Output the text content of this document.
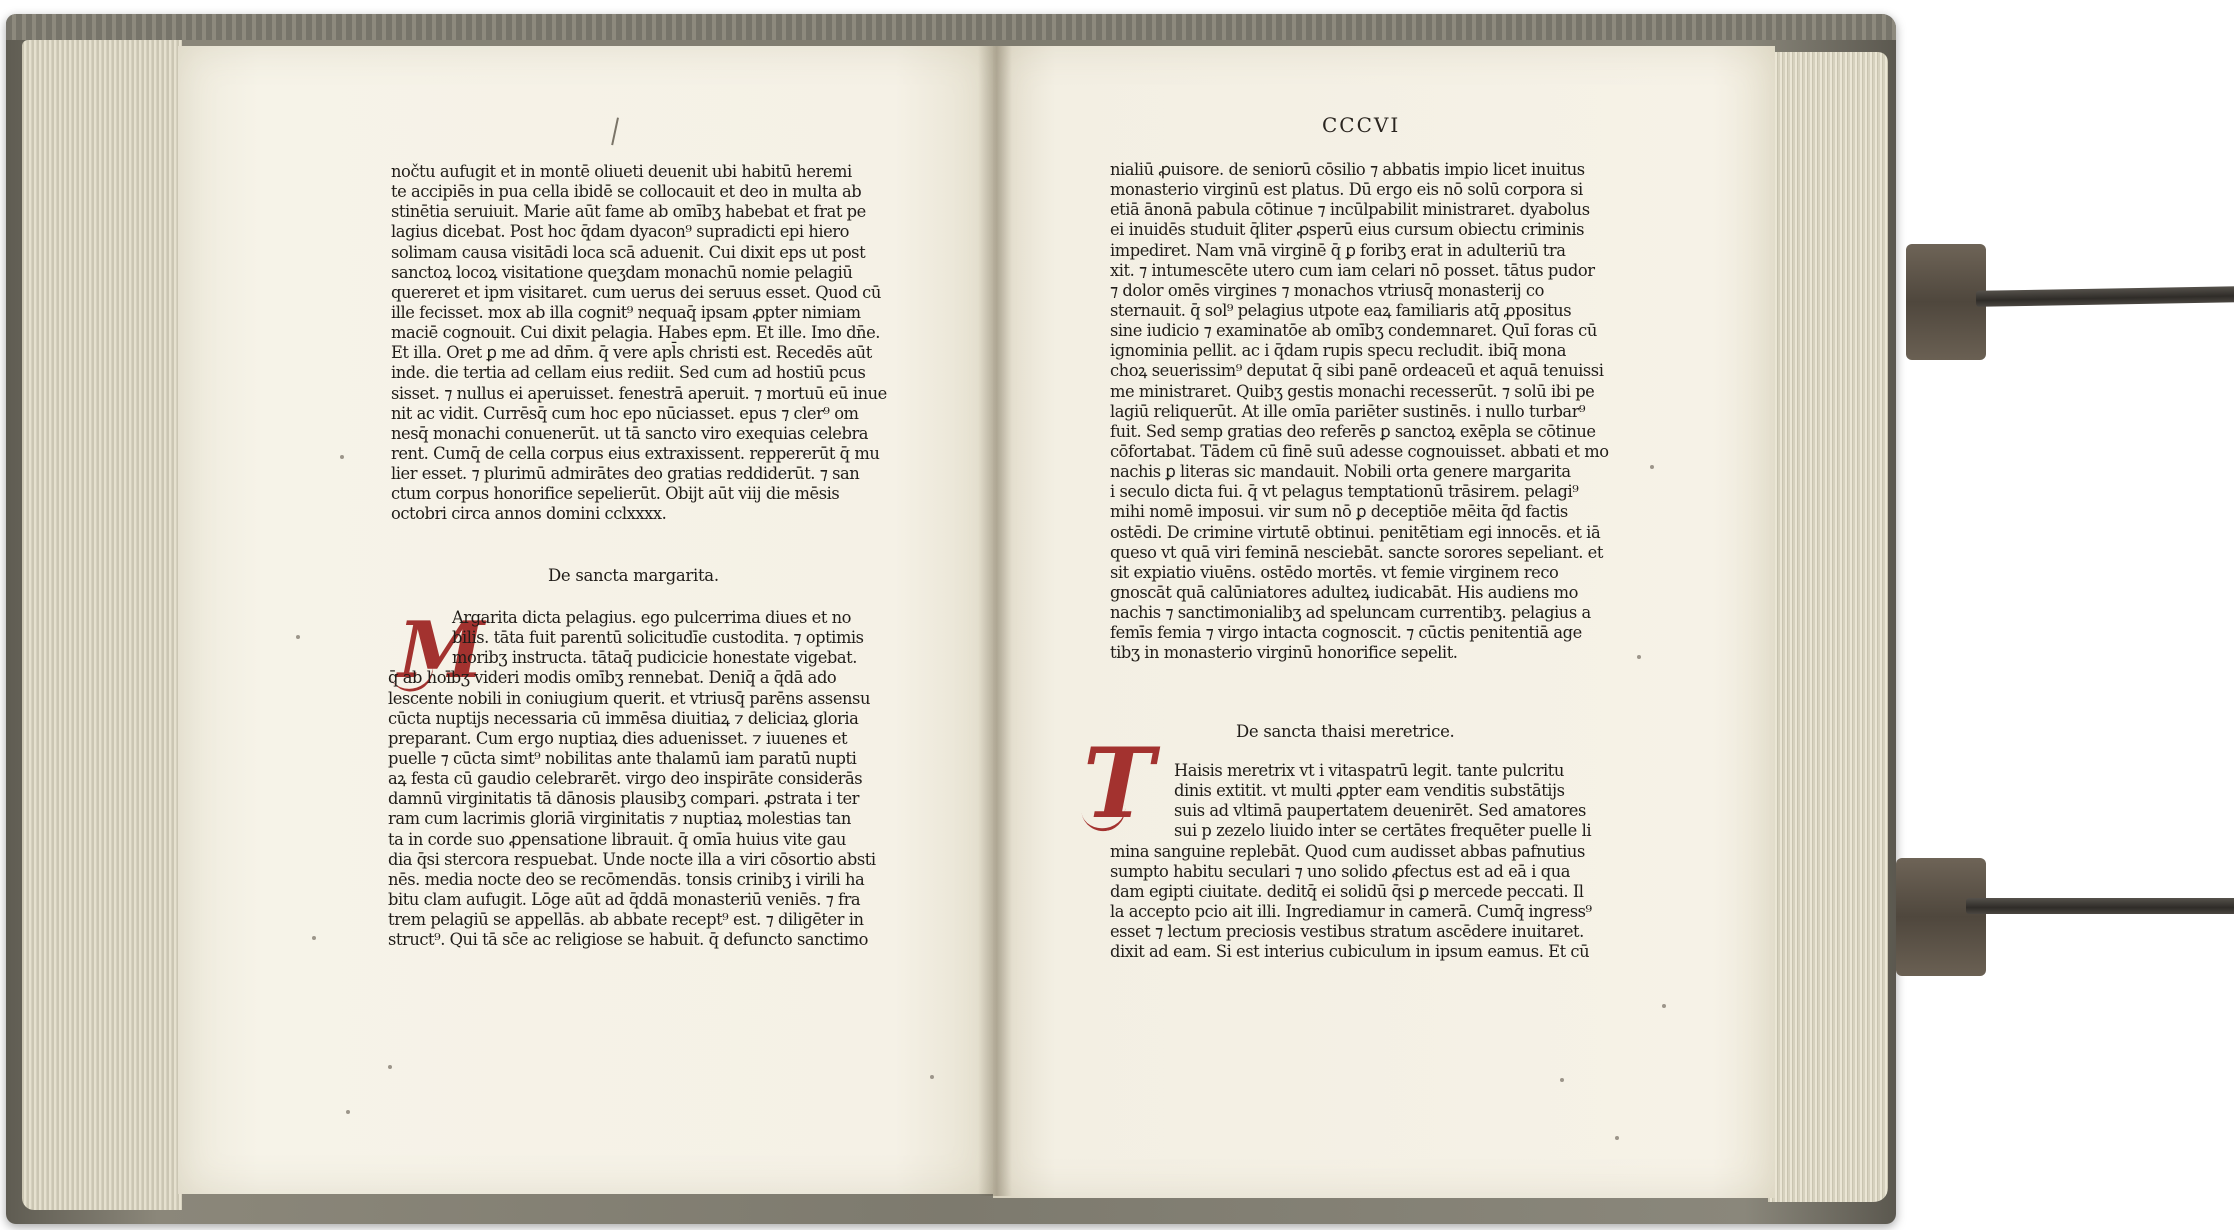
CCCVI
nočtu aufugit et in montē oliueti deuenit ubi habitū heremi
te accipiēs in pua cella ibidē se collocauit et deo in multa ab
stinētia seruiuit. Marie aūt fame ab omībʒ habebat et frat pe
lagius dicebat. Post hoc q̄dam dyacon⁹ supradicti epi hiero
solimam causa visitādi loca scā aduenit. Cui dixit eps ut post
sanctoꝝ locoꝝ visitatione queʒdam monachū nomie pelagiū
quereret et ipm visitaret. cum uerus dei seruus esset. Quod cū
ille fecisset. mox ab illa cognit⁹ nequaq̄ ipsam ꝓpter nimiam
maciē cognouit. Cui dixit pelagia. Habes epm. Et ille. Imo dn̄e.
Et illa. Oret ꝑ me ad dn̄m. q̄ vere apl̄s christi est. Recedēs aūt
inde. die tertia ad cellam eius rediit. Sed cum ad hostiū pcus
sisset. ⁊ nullus ei aperuisset. fenestrā aperuit. ⁊ mortuū eū inue
nit ac vidit. Currēsq̄ cum hoc epo nūciasset. epus ⁊ cler⁹ om
nesq̄ monachi conuenerūt. ut tā sancto viro exequias celebra
rent. Cumq̄ de cella corpus eius extraxissent. reppererūt q̄ mu
lier esset. ⁊ plurimū admirātes deo gratias reddiderūt. ⁊ san
ctum corpus honorifice sepelierūt. Obijt aūt viij die mēsis
octobri circa annos domini cclxxxx.
De sancta margarita.
M
Argarita dicta pelagius. ego pulcerrima diues et no
bilis. tāta fuit parentū solicitudīe custodita. ⁊ optimis
moribʒ instructa. tātaq̄ pudicicie honestate vigebat.
q̄ ab hoībʒ videri modis omībʒ rennebat. Deniq̄ a q̄dā ado
lescente nobili in coniugium querit. et vtriusq̄ parēns assensu
cūcta nuptijs necessaria cū immēsa diuitiaꝝ ⁊ deliciaꝝ gloria
preparant. Cum ergo nuptiaꝝ dies aduenisset. ⁊ iuuenes et
puelle ⁊ cūcta simt⁹ nobilitas ante thalamū iam paratū nupti
aꝝ festa cū gaudio celebrarēt. virgo deo inspirāte considerās
damnū virginitatis tā dānosis plausibʒ compari. ꝓstrata i ter
ram cum lacrimis gloriā virginitatis ⁊ nuptiaꝝ molestias tan
ta in corde suo ꝓpensatione librauit. q̄ omīa huius vite gau
dia q̄si stercora respuebat. Unde nocte illa a viri cōsortio absti
nēs. media nocte deo se recōmendās. tonsis crinibʒ i virili ha
bitu clam aufugit. Lōge aūt ad q̄ddā monasteriū veniēs. ⁊ fra
trem pelagiū se appellās. ab abbate recept⁹ est. ⁊ diligēter in
struct⁹. Qui tā sc̄e ac religiose se habuit. q̄ defuncto sanctimo
nialiū ꝓuisore. de seniorū cōsilio ⁊ abbatis impio licet inuitus
monasterio virginū est platus. Dū ergo eis nō solū corpora si
etiā ānonā pabula cōtinue ⁊ incūlpabilit ministraret. dyabolus
ei inuidēs studuit q̄liter ꝓsperū eius cursum obiectu criminis
impediret. Nam vnā virginē q̄ ꝑ foribʒ erat in adulteriū tra
xit. ⁊ intumescēte utero cum iam celari nō posset. tātus pudor
⁊ dolor omēs virgines ⁊ monachos vtriusq̄ monasterij co
sternauit. q̄ sol⁹ pelagius utpote eaꝝ familiaris atq̄ ꝓpositus
sine iudicio ⁊ examinatōe ab omībʒ condemnaret. Quī foras cū
ignominia pellit. ac i q̄dam rupis specu recludit. ibiq̄ mona
choꝝ seuerissim⁹ deputat q̄ sibi panē ordeaceū et aquā tenuissi
me ministraret. Quibʒ gestis monachi recesserūt. ⁊ solū ibi pe
lagiū reliquerūt. At ille omīa pariēter sustinēs. i nullo turbar⁹
fuit. Sed semp gratias deo referēs ꝑ sanctoꝝ exēpla se cōtinue
cōfortabat. Tādem cū finē suū adesse cognouisset. abbati et mo
nachis ꝑ literas sic mandauit. Nobili orta genere margarita
i seculo dicta fui. q̄ vt pelagus temptationū trāsirem. pelagi⁹
mihi nomē imposui. vir sum nō ꝑ deceptiōe mēita q̄d factis
ostēdi. De crimine virtutē obtinui. penitētiam egi innocēs. et iā
queso vt quā viri feminā nesciebāt. sancte sorores sepeliant. et
sit expiatio viuēns. ostēdo mortēs. vt femie virginem reco
gnoscāt quā calūniatores adulteꝝ iudicabāt. His audiens mo
nachis ⁊ sanctimonialibʒ ad speluncam currentibʒ. pelagius a
femīs femia ⁊ virgo intacta cognoscit. ⁊ cūctis penitentiā age
tibʒ in monasterio virginū honorifice sepelit.
De sancta thaisi meretrice.
T	Haisis meretrix vt i vitaspatrū legit. tante pulcritu
dinis extitit. vt multi ꝓpter eam venditis substātijs
suis ad vltimā paupertatem deuenirēt. Sed amatores
sui p zezelo liuido inter se certātes frequēter puelle li
mina sanguine replebāt. Quod cum audisset abbas pafnutius
sumpto habitu seculari ⁊ uno solido ꝓfectus est ad eā i qua
dam egipti ciuitate. deditq̄ ei solidū q̄si ꝑ mercede peccati. Il
la accepto pcio ait illi. Ingrediamur in camerā. Cumq̄ ingress⁹
esset ⁊ lectum preciosis vestibus stratum ascēdere inuitaret.
dixit ad eam. Si est interius cubiculum in ipsum eamus. Et cū
